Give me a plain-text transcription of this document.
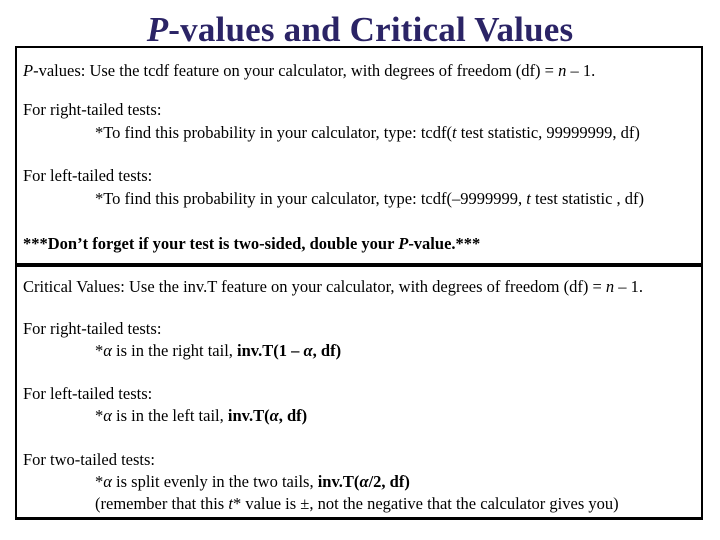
P-values and Critical Values
P-values: Use the tcdf feature on your calculator, with degrees of freedom (df) = n – 1.
For right-tailed tests:
*To find this probability in your calculator, type: tcdf(t test statistic, 99999999, df)
For left-tailed tests:
*To find this probability in your calculator, type: tcdf(–9999999, t test statistic , df)
***Don’t forget if your test is two-sided, double your P-value.***
Critical Values: Use the inv.T feature on your calculator, with degrees of freedom (df) = n – 1.
For right-tailed tests:
*α is in the right tail, inv.T(1 – α, df)
For left-tailed tests:
*α is in the left tail, inv.T(α, df)
For two-tailed tests:
*α is split evenly in the two tails, inv.T(α/2, df)
(remember that this t* value is ±, not the negative that the calculator gives you)
